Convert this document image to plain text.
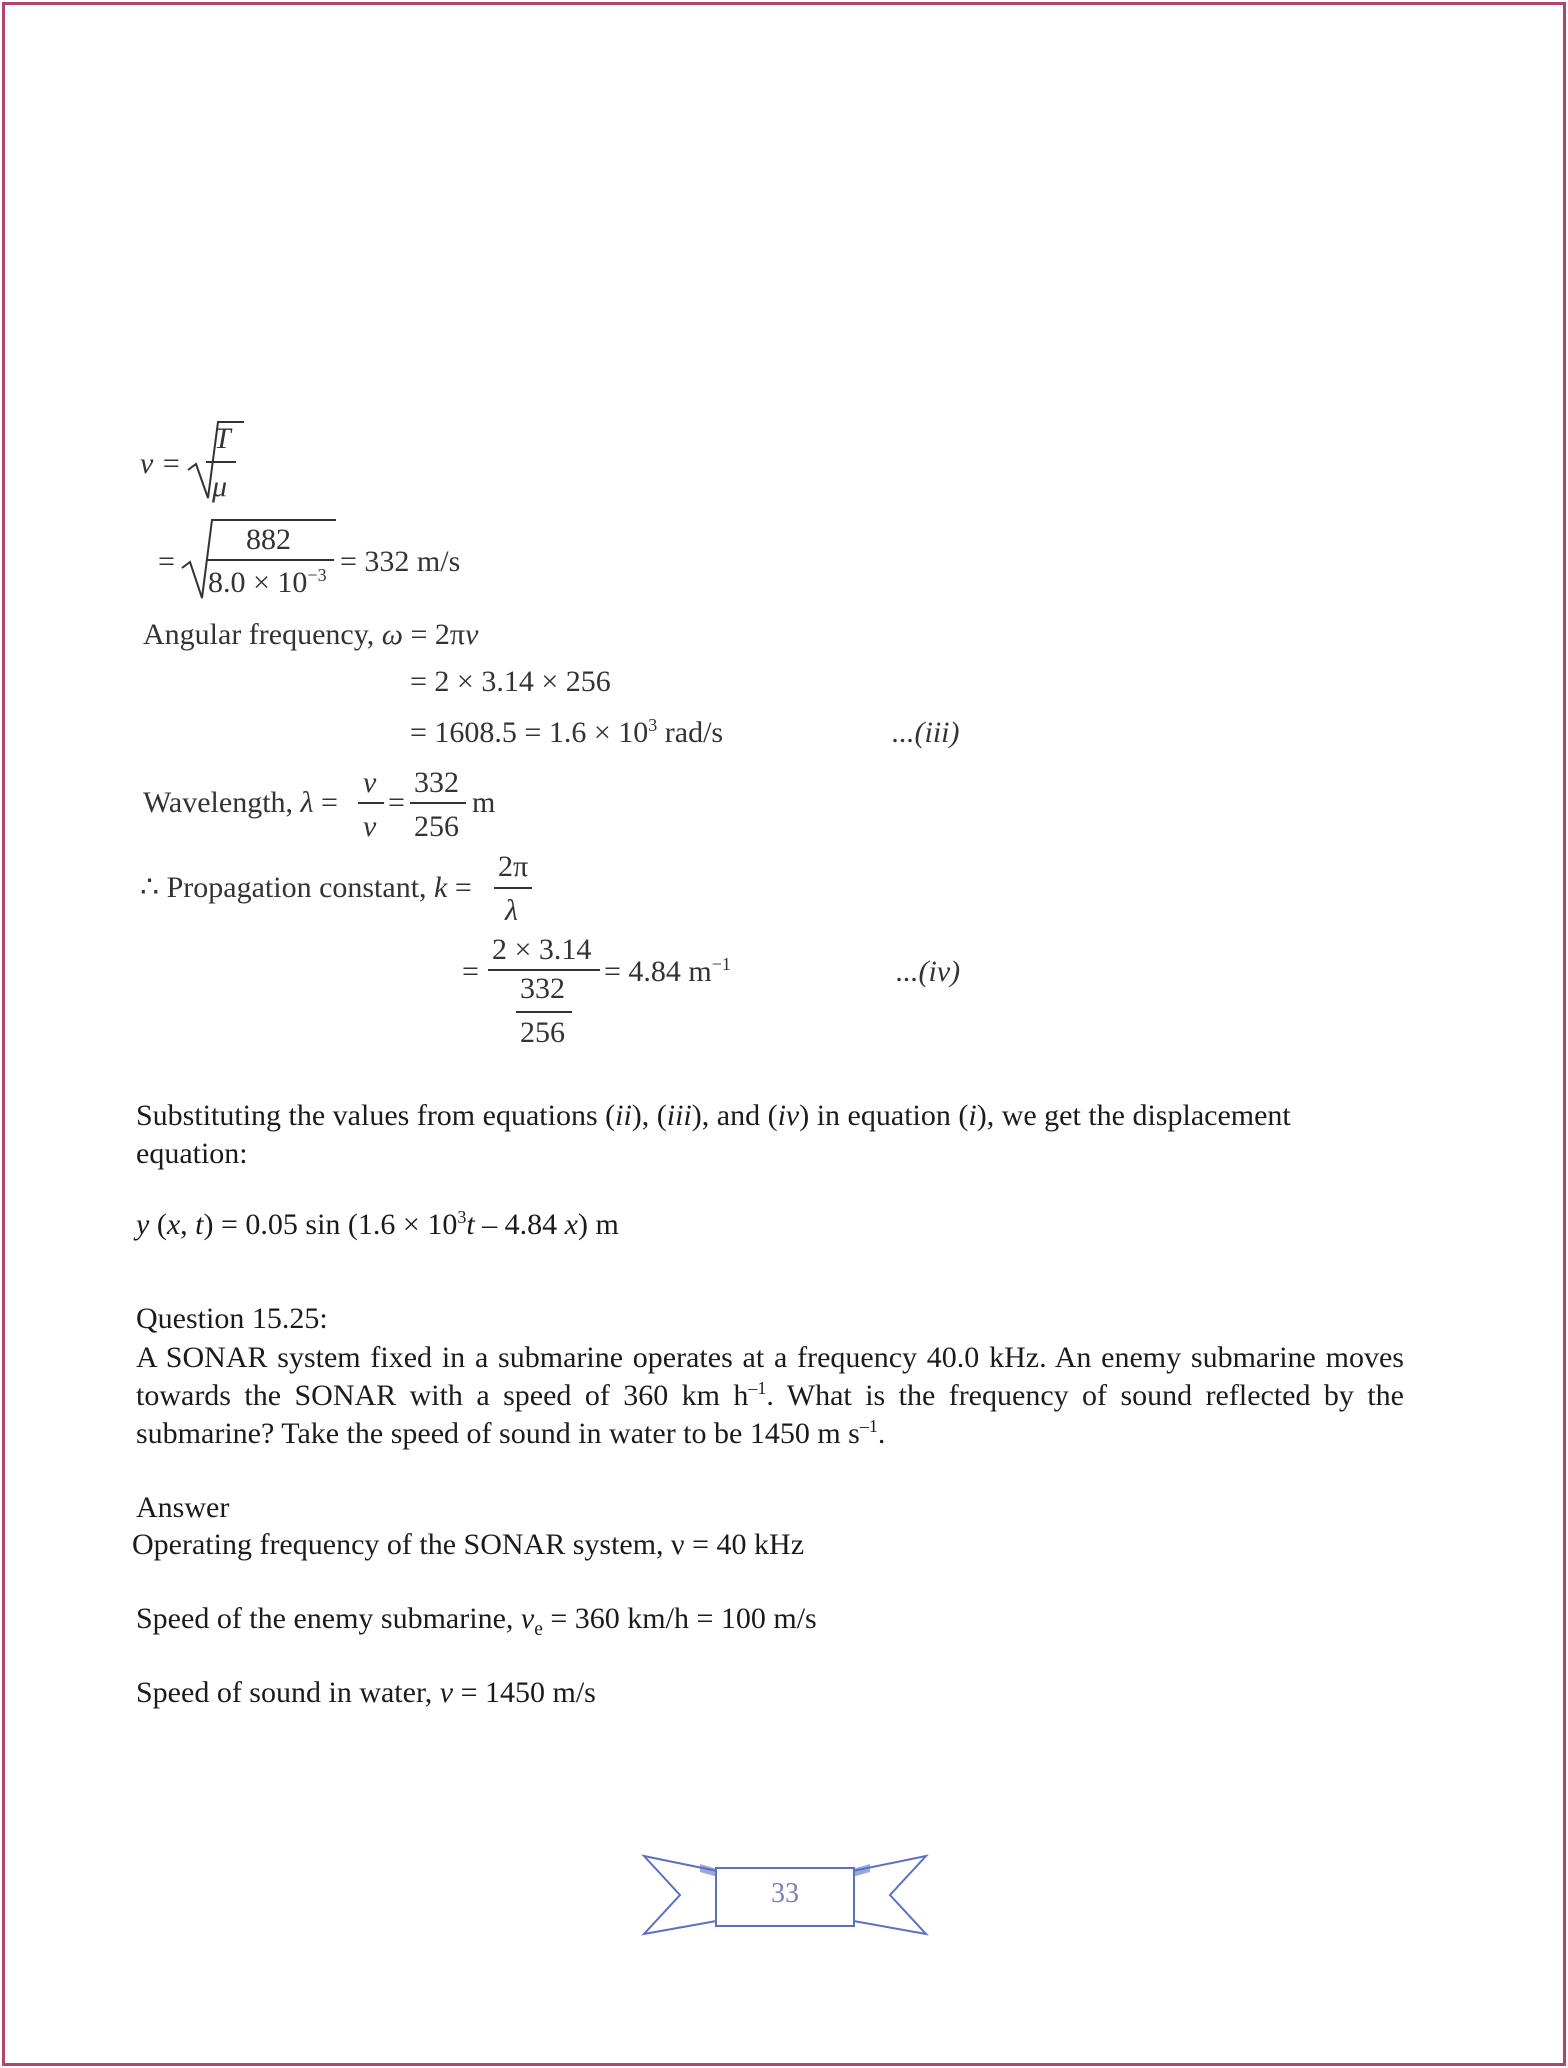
v =
T
μ
=
882
$8.0 \times 10^{-3} = 332$ m/s
Angular frequency, ω = 2πν
= 2 × 3.14 × 256
= $1608.5 = 1.6 \times 10^3$ rad/s	...(iii)
Wavelength, λ =
v
ν
=
332
256
m
∴ Propagation constant, k =
2π
λ
=
2 × 3.14
332
256
= 4.84 $m^{-1}$	...(iv)
Substituting the values from equations (ii), (iii), and (iv) in equation (i), we get the displacement equation:
y (x, t) = 0.05 $\sin (1.6 \times 10^3t - 4.84$ x) m
Question 15.25:
A SONAR system fixed in a submarine operates at a frequency 40.0 kHz. An enemy submarine moves towards the SONAR with a speed of 360 km $h^{-1}$. What is the frequency of sound reflected by the submarine? Take the speed of sound in water to be 1450 m $s^{-1}$.
Answer
Operating frequency of the SONAR system, ν = 40 kHz
Speed of the enemy submarine, $v_e = 360$ km/h = 100 m/s
Speed of sound in water, v = 1450 m/s
33
